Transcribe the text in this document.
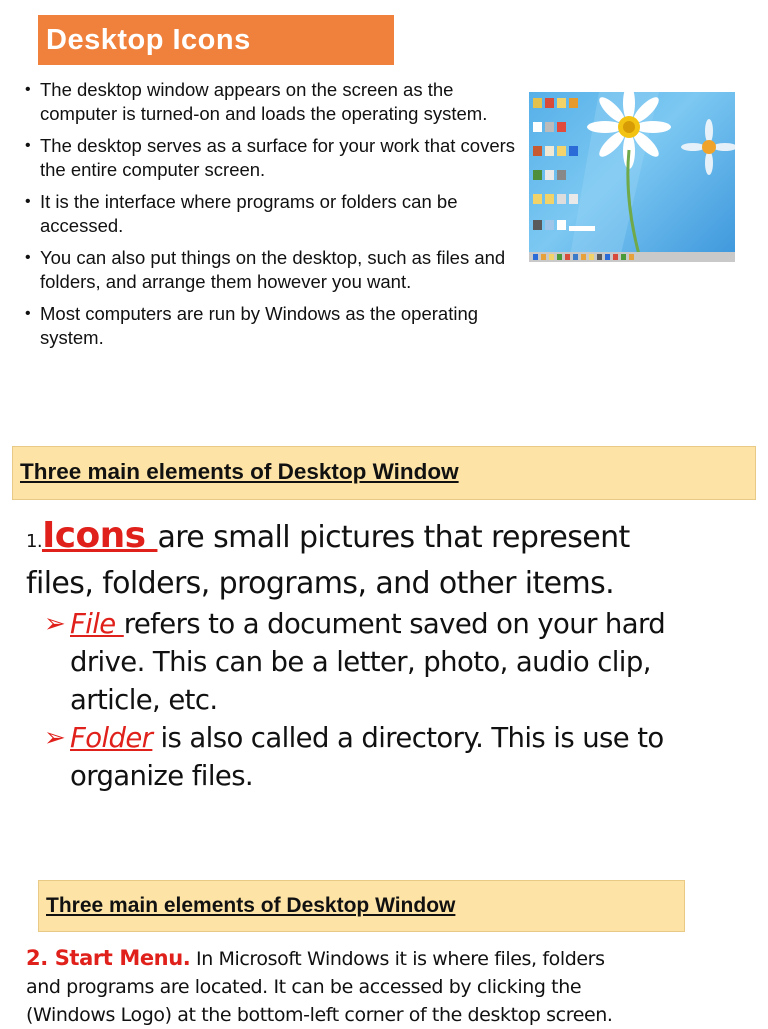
Desktop Icons
• The desktop window appears on the screen as the computer is turned-on and loads the operating system.
• The desktop serves as a surface for your work that covers the entire computer screen.
• It is the interface where programs or folders can be accessed.
• You can also put things on the desktop, such as files and folders, and arrange them however you want.
• Most computers are run by Windows as the operating system.
Three main elements of Desktop Window
1.Icons are small pictures that represent
files, folders, programs, and other items.
➢ File refers to a document saved on your hard
drive. This can be a letter, photo, audio clip,
article, etc.
➢ Folder is also called a directory. This is use to
organize files.
Three main elements of Desktop Window
2. Start Menu. In Microsoft Windows it is where files, folders
and programs are located. It can be accessed by clicking the
(Windows Logo) at the bottom-left corner of the desktop screen.
